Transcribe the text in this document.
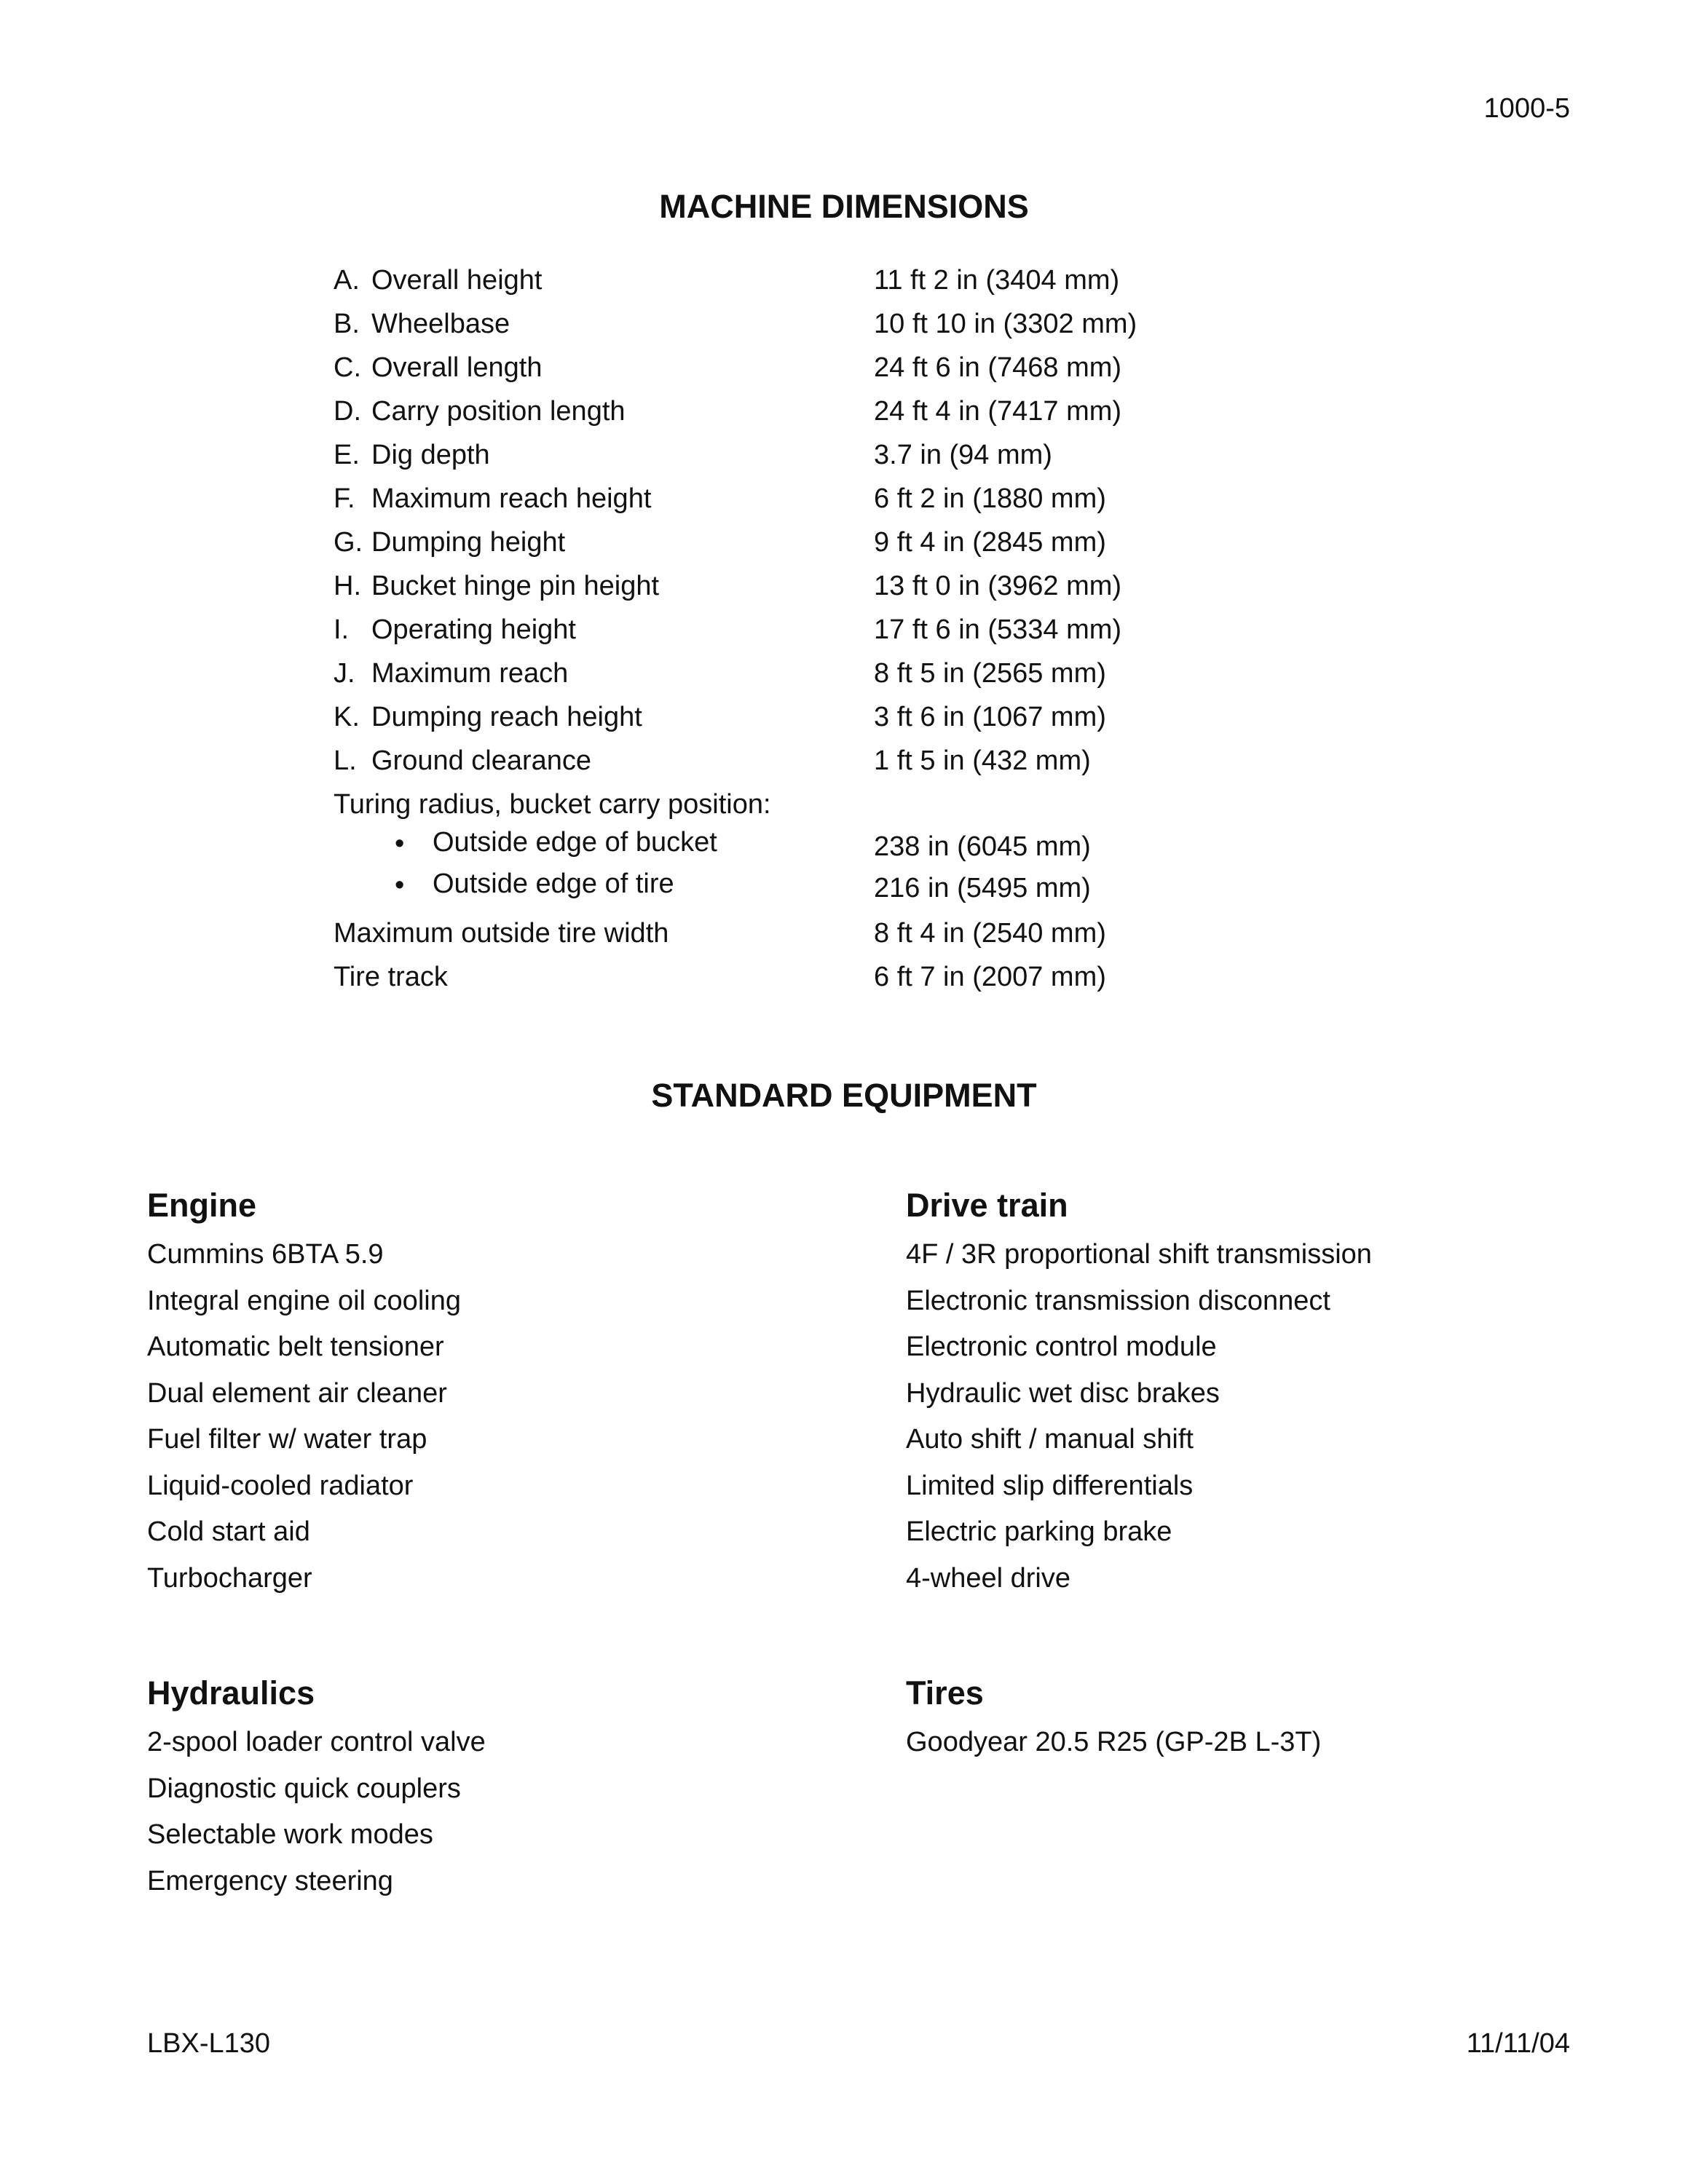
1000-5
MACHINE DIMENSIONS
A. Overall height	11 ft 2 in (3404 mm)
B. Wheelbase	10 ft 10 in (3302 mm)
C. Overall length	24 ft 6 in (7468 mm)
D. Carry position length	24 ft 4 in (7417 mm)
E. Dig depth	3.7 in (94 mm)
F. Maximum reach height	6 ft 2 in (1880 mm)
G. Dumping height	9 ft 4 in (2845 mm)
H. Bucket hinge pin height	13 ft 0 in (3962 mm)
I. Operating height	17 ft 6 in (5334 mm)
J. Maximum reach	8 ft 5 in (2565 mm)
K. Dumping reach height	3 ft 6 in (1067 mm)
L. Ground clearance	1 ft 5 in (432 mm)
Turing radius, bucket carry position:
• Outside edge of bucket	238 in (6045 mm)
• Outside edge of tire	216 in (5495 mm)
Maximum outside tire width	8 ft 4 in (2540 mm)
Tire track	6 ft 7 in (2007 mm)
STANDARD EQUIPMENT
Engine
Cummins 6BTA 5.9
Integral engine oil cooling
Automatic belt tensioner
Dual element air cleaner
Fuel filter w/ water trap
Liquid-cooled radiator
Cold start aid
Turbocharger
Drive train
4F / 3R proportional shift transmission
Electronic transmission disconnect
Electronic control module
Hydraulic wet disc brakes
Auto shift / manual shift
Limited slip differentials
Electric parking brake
4-wheel drive
Hydraulics
2-spool loader control valve
Diagnostic quick couplers
Selectable work modes
Emergency steering
Tires
Goodyear 20.5 R25 (GP-2B L-3T)
LBX-L130	11/11/04
